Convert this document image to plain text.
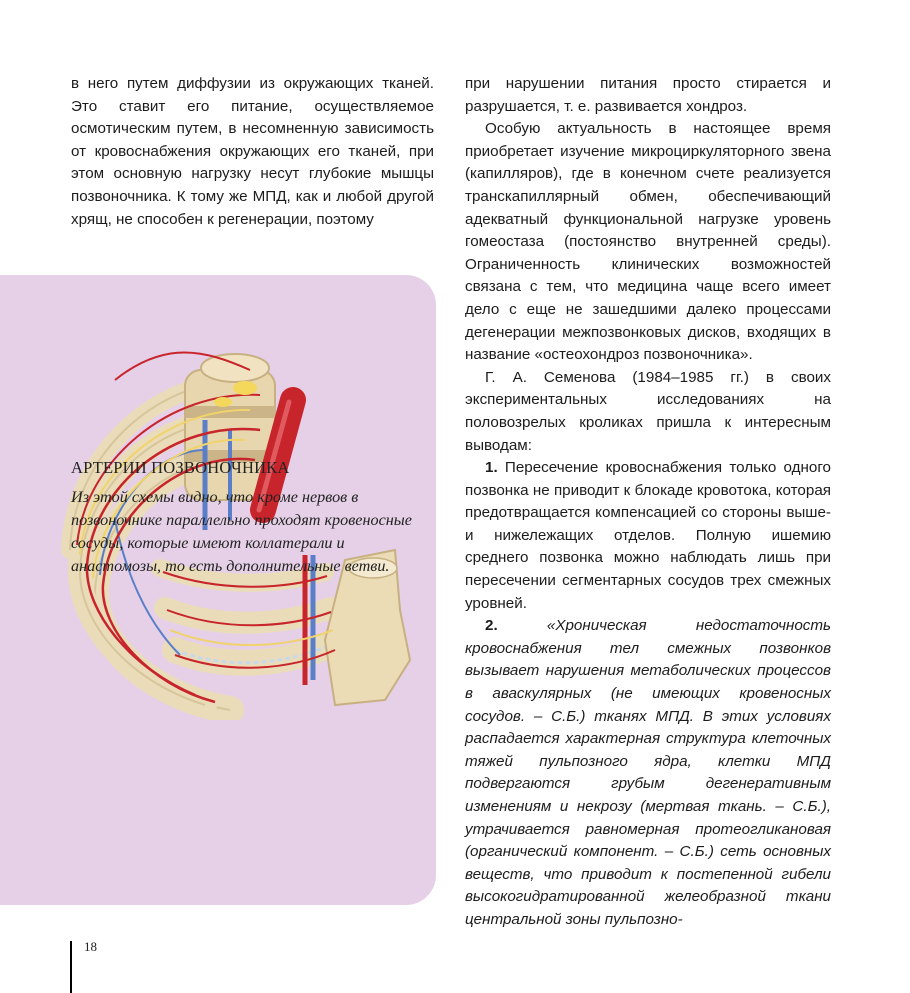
в него путем диффузии из окружающих тканей. Это ставит его питание, осуществляемое осмотическим путем, в несомненную зависимость от кровоснабжения окружающих его тканей, при этом основную нагрузку несут глубокие мышцы позвоночника. К тому же МПД, как и любой другой хрящ, не способен к регенерации, поэтому

при нарушении питания просто стирается и разрушается, т. е. развивается хондроз.

Особую актуальность в настоящее время приобретает изучение микроциркуляторного звена (капилляров), где в конечном счете реализуется транскапиллярный обмен, обеспечивающий адекватный функциональной нагрузке уровень гомеостаза (постоянство внутренней среды). Ограниченность клинических возможностей связана с тем, что медицина чаще всего имеет дело с еще не зашедшими далеко процессами дегенерации межпозвонковых дисков, входящих в название «остеохондроз позвоночника».

Г. А. Семенова (1984–1985 гг.) в своих экспериментальных исследованиях на половозрелых кроликах пришла к интересным выводам:

1. Пересечение кровоснабжения только одного позвонка не приводит к блокаде кровотока, которая предотвращается компенсацией со стороны выше- и нижележащих отделов. Полную ишемию среднего позвонка можно наблюдать лишь при пересечении сегментарных сосудов трех смежных уровней.

2.	«Хроническая недостаточность кровоснабжения тел смежных позвонков вызывает нарушения метаболических процессов в аваскулярных (не имеющих кровеносных сосудов. – С.Б.) тканях МПД. В этих условиях распадается характерная структура клеточных тяжей пульпозного ядра, клетки МПД подвергаются грубым дегенеративным изменениям и некрозу (мертвая ткань. – С.Б.), утрачивается равномерная протеогликановая (органический компонент. – С.Б.) сеть основных веществ, что приводит к постепенной гибели высокогидратированной желеобразной ткани центральной зоны пульпозно-

АРТЕРИИ ПОЗВОНОЧНИКА

Из этой схемы видно, что кроме нервов в позвоночнике параллельно проходят кровеносные сосуды, которые имеют коллатерали и анастомозы, то есть дополнительные ветви.

18
